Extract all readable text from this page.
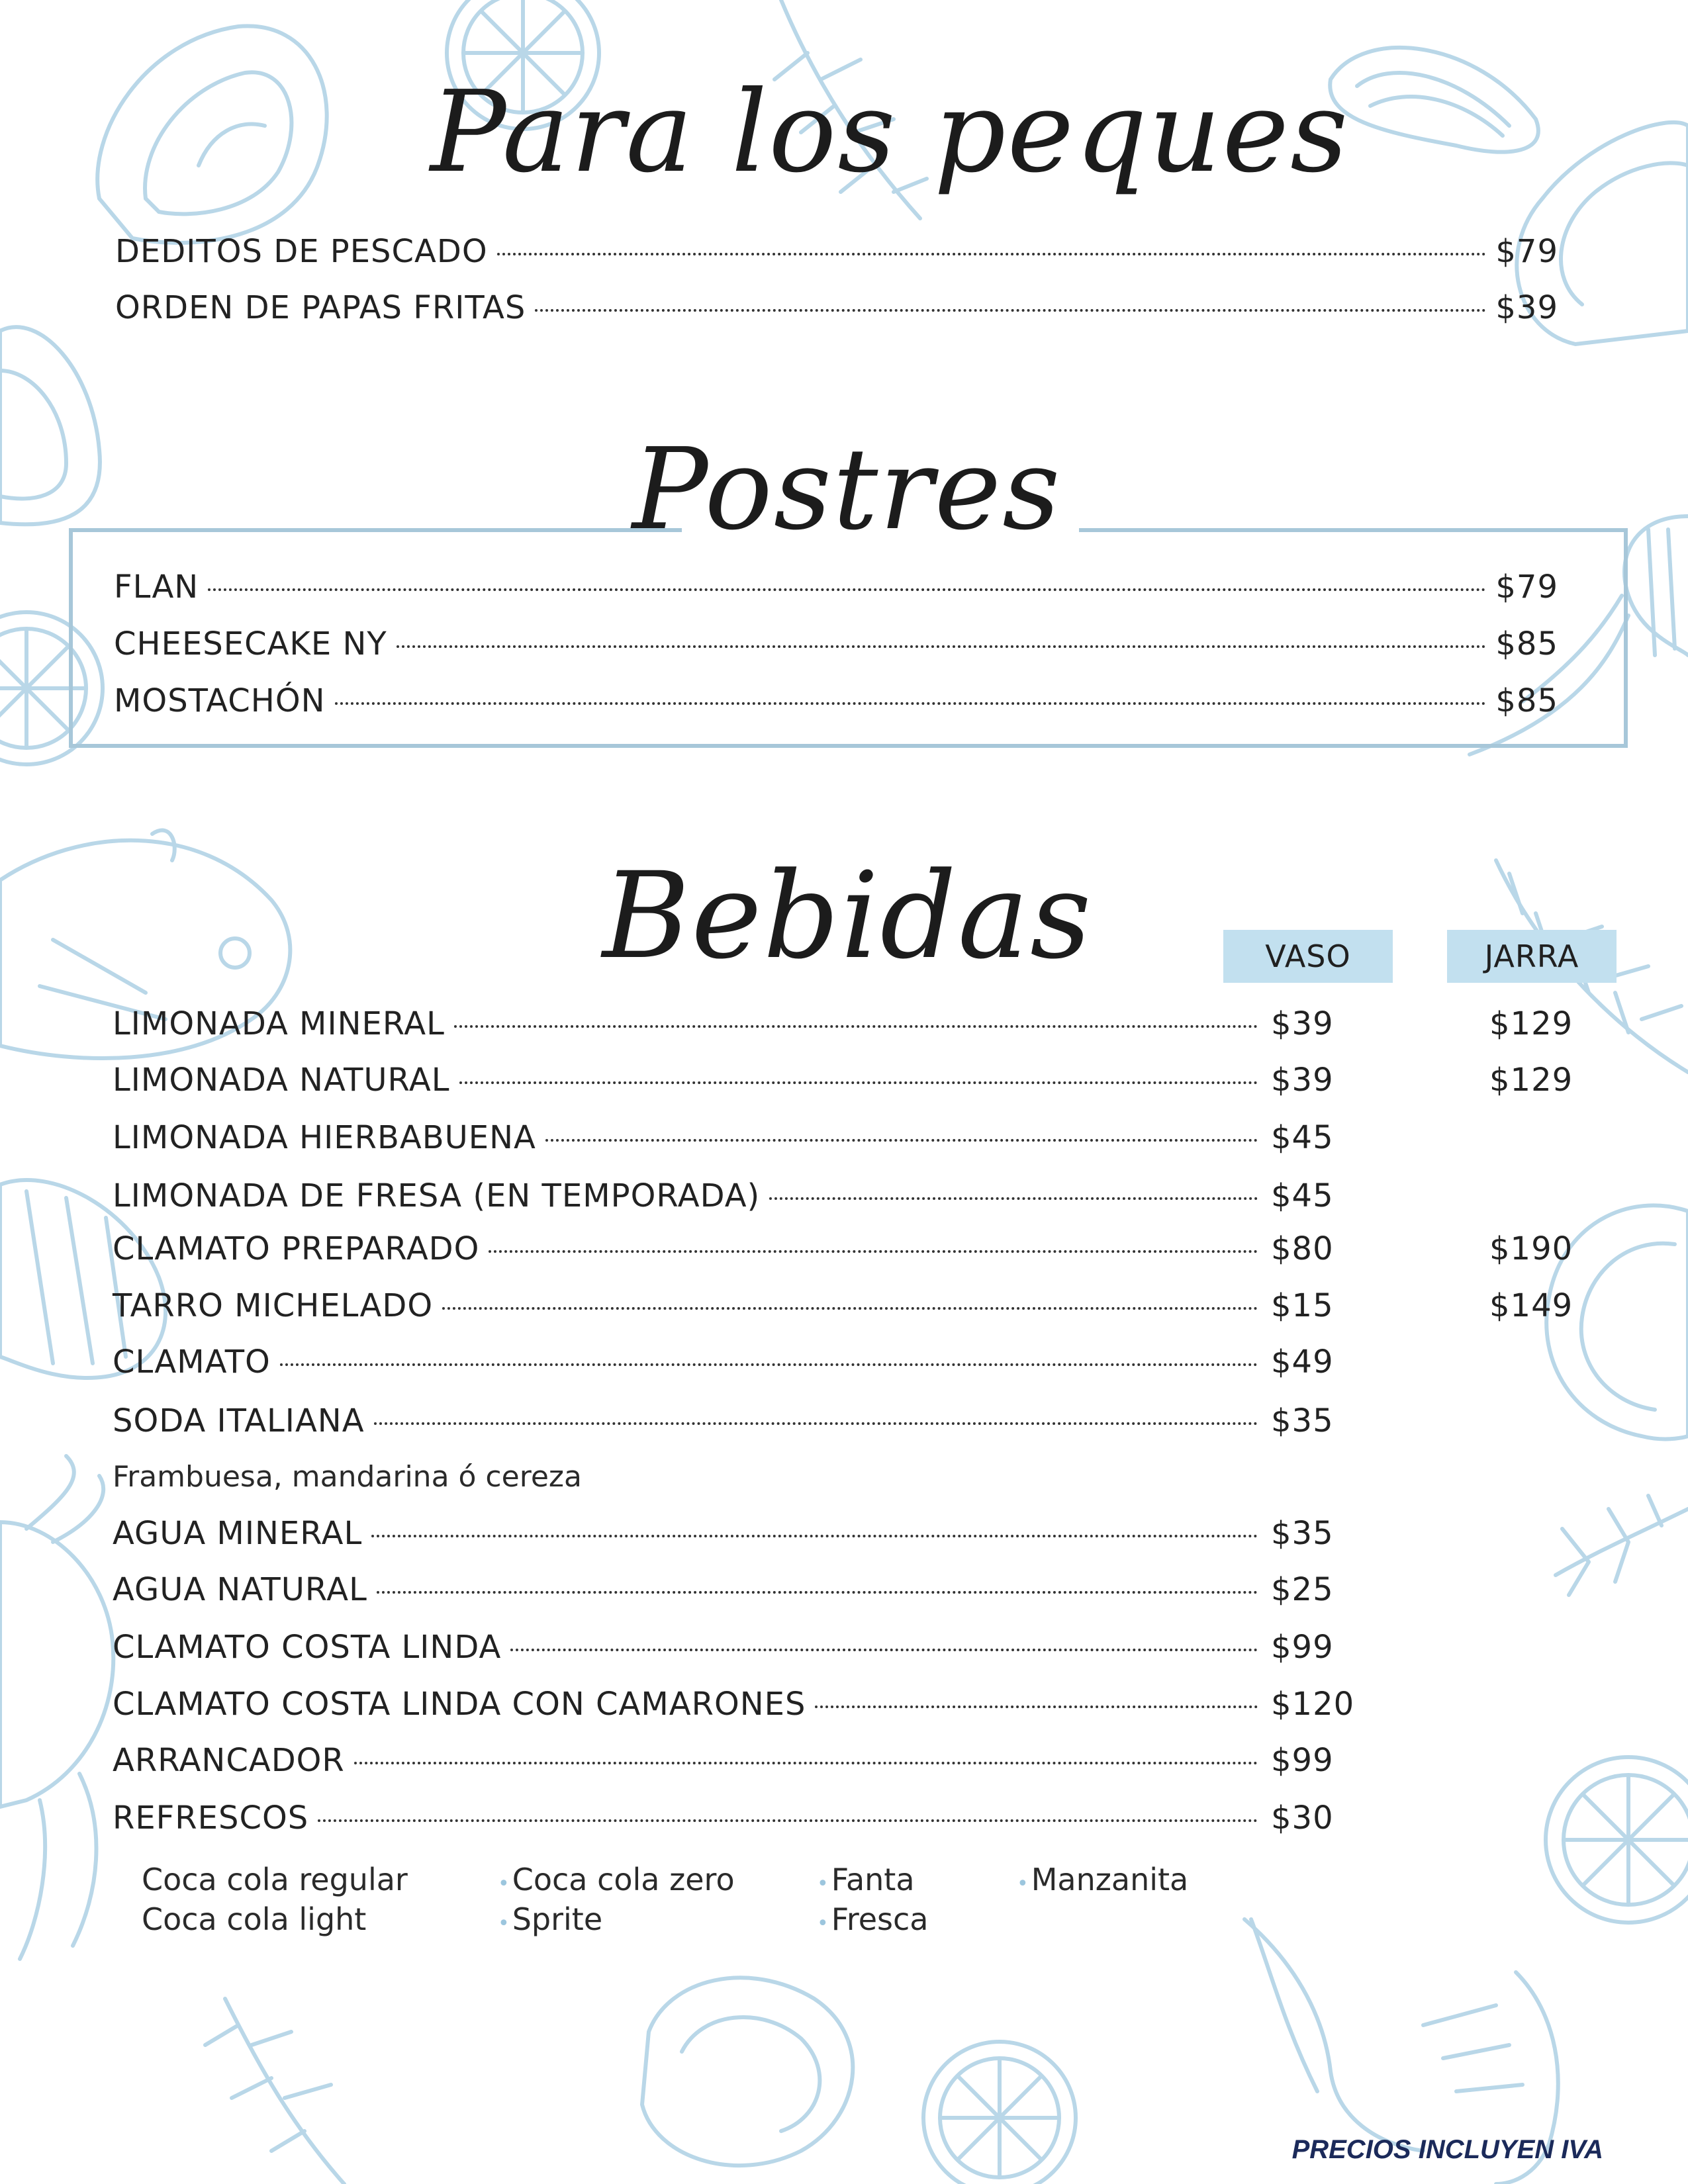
Para los peques
DEDITOS DE PESCADO	$79
ORDEN DE PAPAS FRITAS	$39
Postres
FLAN	$79
CHEESECAKE NY	$85
MOSTACHÓN	$85
Bebidas	VASO	JARRA
LIMONADA MINERAL	$39	$129
LIMONADA NATURAL	$39	$129
LIMONADA HIERBABUENA	$45
LIMONADA DE FRESA (EN TEMPORADA)	$45
CLAMATO PREPARADO	$80	$190
TARRO MICHELADO	$15	$149
CLAMATO	$49
SODA ITALIANA	$35
AGUA MINERAL	$35
AGUA NATURAL	$25
CLAMATO COSTA LINDA	$99
CLAMATO COSTA LINDA CON CAMARONES	$120
ARRANCADOR	$99
REFRESCOS	$30
Frambuesa, mandarina ó cereza
Coca cola regular
Coca cola light
•Coca cola zero
•Sprite
•Fanta
•Fresca
•Manzanita
PRECIOS INCLUYEN IVA
